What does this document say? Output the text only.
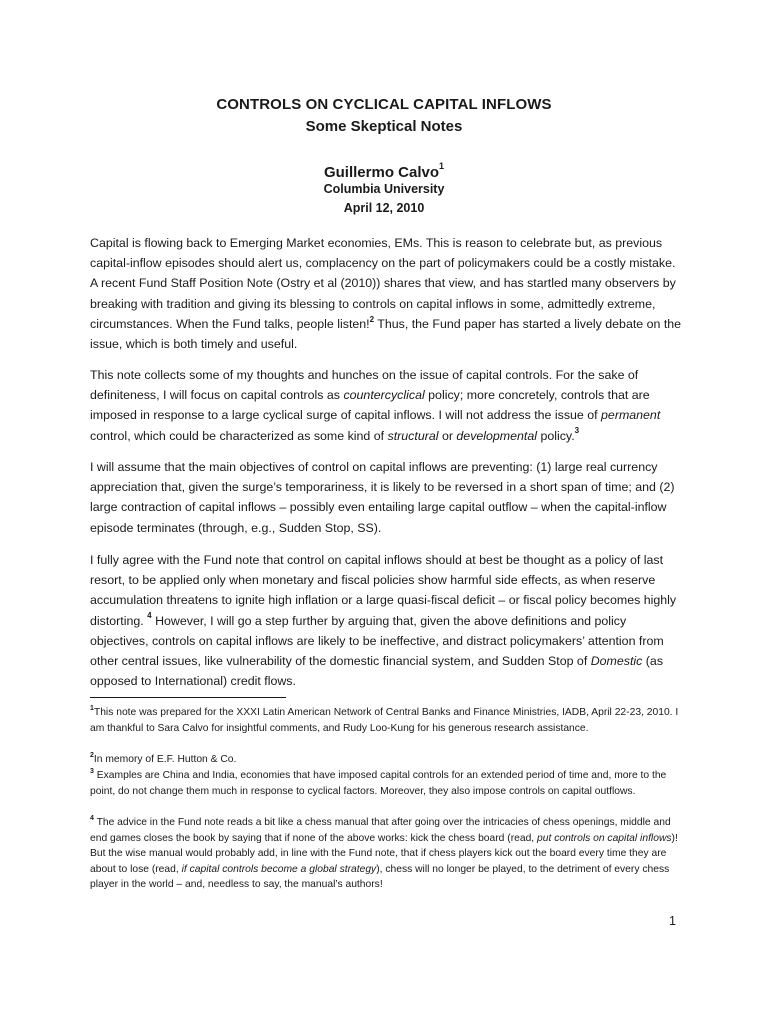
CONTROLS ON CYCLICAL CAPITAL INFLOWS
Some Skeptical Notes
Guillermo Calvo$^1$
Columbia University
April 12, 2010

Capital is flowing back to Emerging Market economies, EMs. This is reason to celebrate but, as previous capital-inflow episodes should alert us, complacency on the part of policymakers could be a costly mistake. A recent Fund Staff Position Note (Ostry et al (2010)) shares that view, and has startled many observers by breaking with tradition and giving its blessing to controls on capital inflows in some, admittedly extreme, circumstances. When the Fund talks, people listen!$^2$ Thus, the Fund paper has started a lively debate on the issue, which is both timely and useful.

This note collects some of my thoughts and hunches on the issue of capital controls. For the sake of definiteness, I will focus on capital controls as countercyclical policy; more concretely, controls that are imposed in response to a large cyclical surge of capital inflows. I will not address the issue of permanent control, which could be characterized as some kind of structural or developmental policy.$^3$

I will assume that the main objectives of control on capital inflows are preventing: (1) large real currency appreciation that, given the surge’s temporariness, it is likely to be reversed in a short span of time; and (2) large contraction of capital inflows – possibly even entailing large capital outflow – when the capital-inflow episode terminates (through, e.g., Sudden Stop, SS).

I fully agree with the Fund note that control on capital inflows should at best be thought as a policy of last resort, to be applied only when monetary and fiscal policies show harmful side effects, as when reserve accumulation threatens to ignite high inflation or a large quasi-fiscal deficit – or fiscal policy becomes highly distorting. $^4$ However, I will go a step further by arguing that, given the above definitions and policy objectives, controls on capital inflows are likely to be ineffective, and distract policymakers’ attention from other central issues, like vulnerability of the domestic financial system, and Sudden Stop of Domestic (as opposed to International) credit flows.

$^1$This note was prepared for the XXXI Latin American Network of Central Banks and Finance Ministries, IADB, April 22-23, 2010. I am thankful to Sara Calvo for insightful comments, and Rudy Loo-Kung for his generous research assistance.

$^2$In memory of E.F. Hutton & Co.

$^3$ Examples are China and India, economies that have imposed capital controls for an extended period of time and, more to the point, do not change them much in response to cyclical factors. Moreover, they also impose controls on capital outflows.

$^4$ The advice in the Fund note reads a bit like a chess manual that after going over the intricacies of chess openings, middle and end games closes the book by saying that if none of the above works: kick the chess board (read, put controls on capital inflows)! But the wise manual would probably add, in line with the Fund note, that if chess players kick out the board every time they are about to lose (read, if capital controls become a global strategy), chess will no longer be played, to the detriment of every chess player in the world – and, needless to say, the manual’s authors!

1
